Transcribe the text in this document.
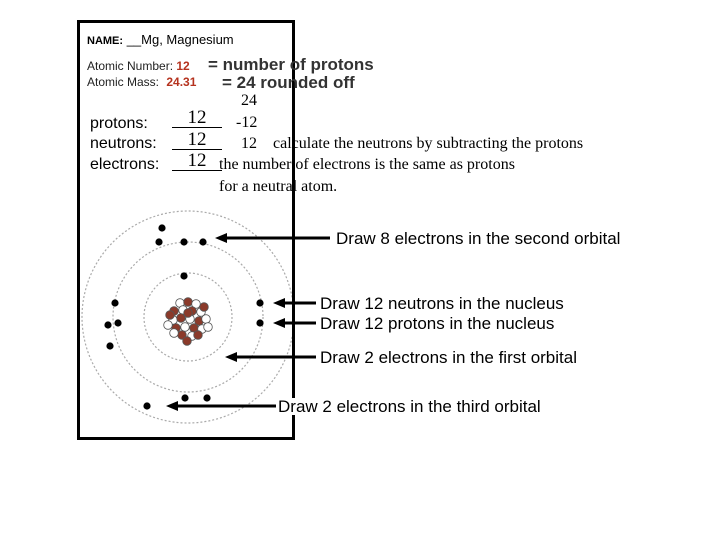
NAME: __Mg, Magnesium
Atomic Number: 12 = number of protons
Atomic Mass: 24.31 = 24 rounded off
protons:	12
neutrons:	12
electrons:	12
24
-12
12 calculate the neutrons by subtracting the protons
the number of electrons is the same as protons
for a neutral atom.
Draw 8 electrons in the second orbital
Draw 12 neutrons in the nucleus
Draw 12 protons in the nucleus
Draw 2 electrons in the first orbital
Draw 2 electrons in the third orbital
